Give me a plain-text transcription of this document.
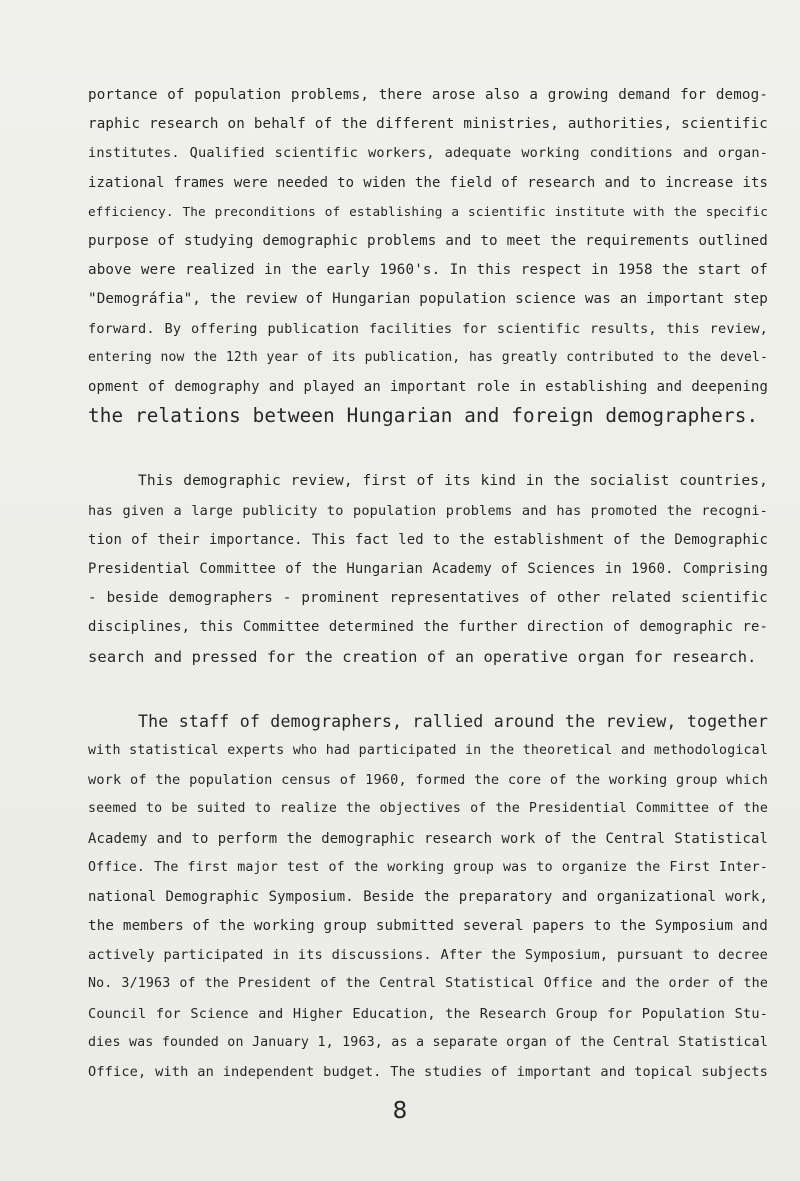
portance of population problems, there arose also a growing demand for demog-

raphic research on behalf of the different ministries, authorities, scientific

institutes. Qualified scientific workers, adequate working conditions and organ-

izational frames were needed to widen the field of research and to increase its

efficiency. The preconditions of establishing a scientific institute with the specific

purpose of studying demographic problems and to meet the requirements outlined

above were realized in the early 1960's. In this respect in 1958 the start of

"Demográfia", the review of Hungarian population science was an important step

forward. By offering publication facilities for scientific results, this review,

entering now the 12th year of its publication, has greatly contributed to the devel-

opment of demography and played an important role in establishing and deepening

the relations between Hungarian and foreign demographers.

This demographic review, first of its kind in the socialist countries,

has given a large publicity to population problems and has promoted the recogni-

tion of their importance. This fact led to the establishment of the Demographic

Presidential Committee of the Hungarian Academy of Sciences in 1960. Comprising

- beside demographers - prominent representatives of other related scientific

disciplines, this Committee determined the further direction of demographic re-

search and pressed for the creation of an operative organ for research.

The staff of demographers, rallied around the review, together

with statistical experts who had participated in the theoretical and methodological

work of the population census of 1960, formed the core of the working group which

seemed to be suited to realize the objectives of the Presidential Committee of the

Academy and to perform the demographic research work of the Central Statistical

Office. The first major test of the working group was to organize the First Inter-

national Demographic Symposium. Beside the preparatory and organizational work,

the members of the working group submitted several papers to the Symposium and

actively participated in its discussions. After the Symposium, pursuant to decree

No. 3/1963 of the President of the Central Statistical Office and the order of the

Council for Science and Higher Education, the Research Group for Population Stu-

dies was founded on January 1, 1963, as a separate organ of the Central Statistical

Office, with an independent budget. The studies of important and topical subjects

8
